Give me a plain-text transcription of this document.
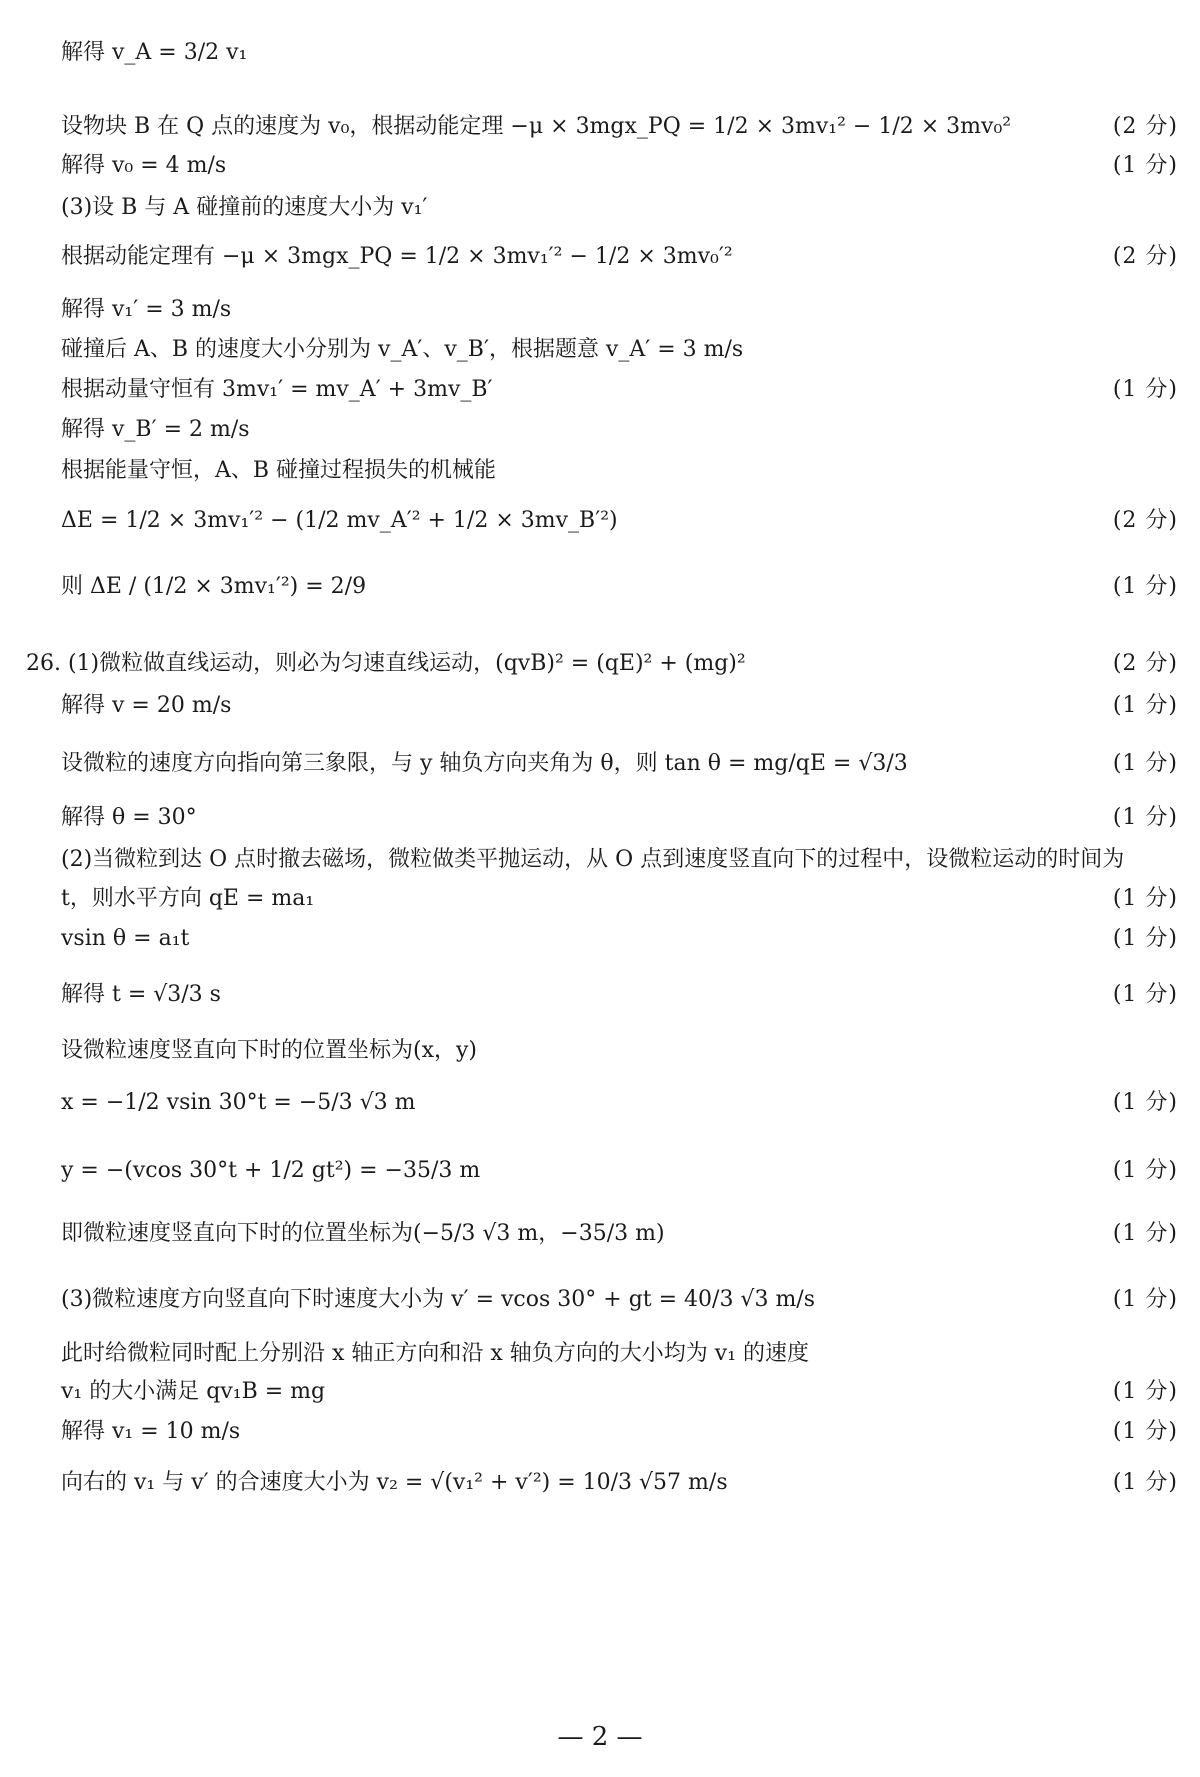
解得 v_A = 3/2 v₁
设物块 B 在 Q 点的速度为 v₀，根据动能定理 −μ × 3mgx_PQ = 1/2 × 3mv₁² − 1/2 × 3mv₀²	(2 分)
解得 v₀ = 4 m/s	(1 分)
(3)设 B 与 A 碰撞前的速度大小为 v₁′
根据动能定理有 −μ × 3mgx_PQ = 1/2 × 3mv₁′² − 1/2 × 3mv₀′²	(2 分)
解得 v₁′ = 3 m/s
碰撞后 A、B 的速度大小分别为 v_A′、v_B′，根据题意 v_A′ = 3 m/s
根据动量守恒有 3mv₁′ = mv_A′ + 3mv_B′	(1 分)
解得 v_B′ = 2 m/s
根据能量守恒，A、B 碰撞过程损失的机械能
ΔE = 1/2 × 3mv₁′² − (1/2 mv_A′² + 1/2 × 3mv_B′²)	(2 分)
则 ΔE / (1/2 × 3mv₁′²) = 2/9	(1 分)
26. (1)微粒做直线运动，则必为匀速直线运动，(qvB)² = (qE)² + (mg)²	(2 分)
解得 v = 20 m/s	(1 分)
设微粒的速度方向指向第三象限，与 y 轴负方向夹角为 θ，则 tan θ = mg/qE = √3/3	(1 分)
解得 θ = 30°	(1 分)
(2)当微粒到达 O 点时撤去磁场，微粒做类平抛运动，从 O 点到速度竖直向下的过程中，设微粒运动的时间为
t，则水平方向 qE = ma₁	(1 分)
vsin θ = a₁t	(1 分)
解得 t = √3/3 s	(1 分)
设微粒速度竖直向下时的位置坐标为(x，y)
x = −1/2 vsin 30°t = −5/3 √3 m	(1 分)
y = −(vcos 30°t + 1/2 gt²) = −35/3 m	(1 分)
即微粒速度竖直向下时的位置坐标为(−5/3 √3 m，−35/3 m)	(1 分)
(3)微粒速度方向竖直向下时速度大小为 v′ = vcos 30° + gt = 40/3 √3 m/s	(1 分)
此时给微粒同时配上分别沿 x 轴正方向和沿 x 轴负方向的大小均为 v₁ 的速度
v₁ 的大小满足 qv₁B = mg	(1 分)
解得 v₁ = 10 m/s	(1 分)
向右的 v₁ 与 v′ 的合速度大小为 v₂ = √(v₁² + v′²) = 10/3 √57 m/s	(1 分)
— 2 —
